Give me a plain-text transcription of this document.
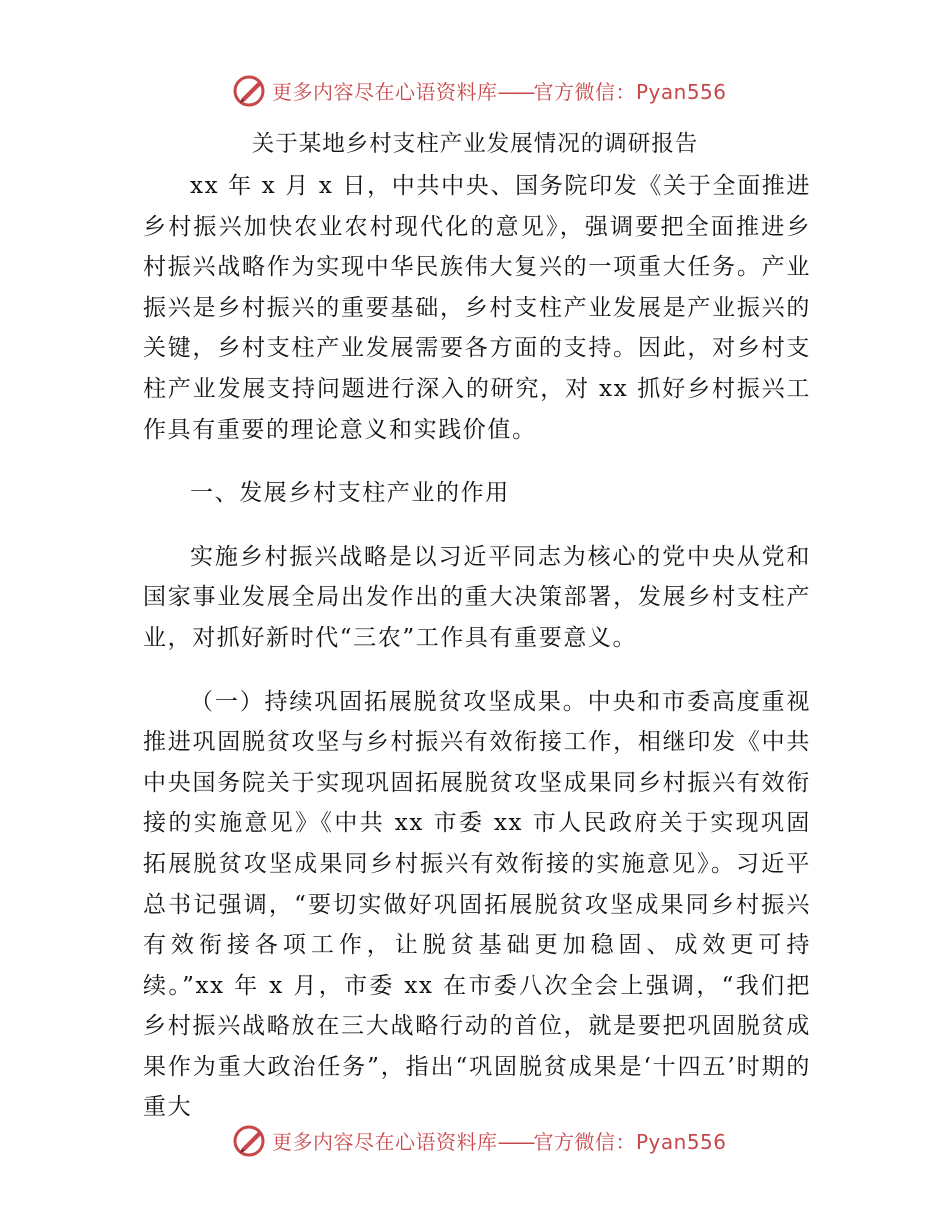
更多内容尽在心语资料库——官方微信：Pyan556
关于某地乡村支柱产业发展情况的调研报告

xx 年 x 月 x 日，中共中央、国务院印发《关于全面推进乡村振兴加快农业农村现代化的意见》，强调要把全面推进乡村振兴战略作为实现中华民族伟大复兴的一项重大任务。产业振兴是乡村振兴的重要基础，乡村支柱产业发展是产业振兴的关键，乡村支柱产业发展需要各方面的支持。因此，对乡村支柱产业发展支持问题进行深入的研究，对 xx 抓好乡村振兴工作具有重要的理论意义和实践价值。

一、发展乡村支柱产业的作用

实施乡村振兴战略是以习近平同志为核心的党中央从党和国家事业发展全局出发作出的重大决策部署，发展乡村支柱产业，对抓好新时代“三农”工作具有重要意义。

（一）持续巩固拓展脱贫攻坚成果。中央和市委高度重视推进巩固脱贫攻坚与乡村振兴有效衔接工作，相继印发《中共中央国务院关于实现巩固拓展脱贫攻坚成果同乡村振兴有效衔接的实施意见》《中共 xx 市委 xx 市人民政府关于实现巩固拓展脱贫攻坚成果同乡村振兴有效衔接的实施意见》。习近平总书记强调，“要切实做好巩固拓展脱贫攻坚成果同乡村振兴有效衔接各项工作，让脱贫基础更加稳固、成效更可持续。”xx 年 x 月，市委 xx 在市委八次全会上强调，“我们把乡村振兴战略放在三大战略行动的首位，就是要把巩固脱贫成果作为重大政治任务”，指出“巩固脱贫成果是‘十四五’时期的重大

更多内容尽在心语资料库——官方微信：Pyan556
